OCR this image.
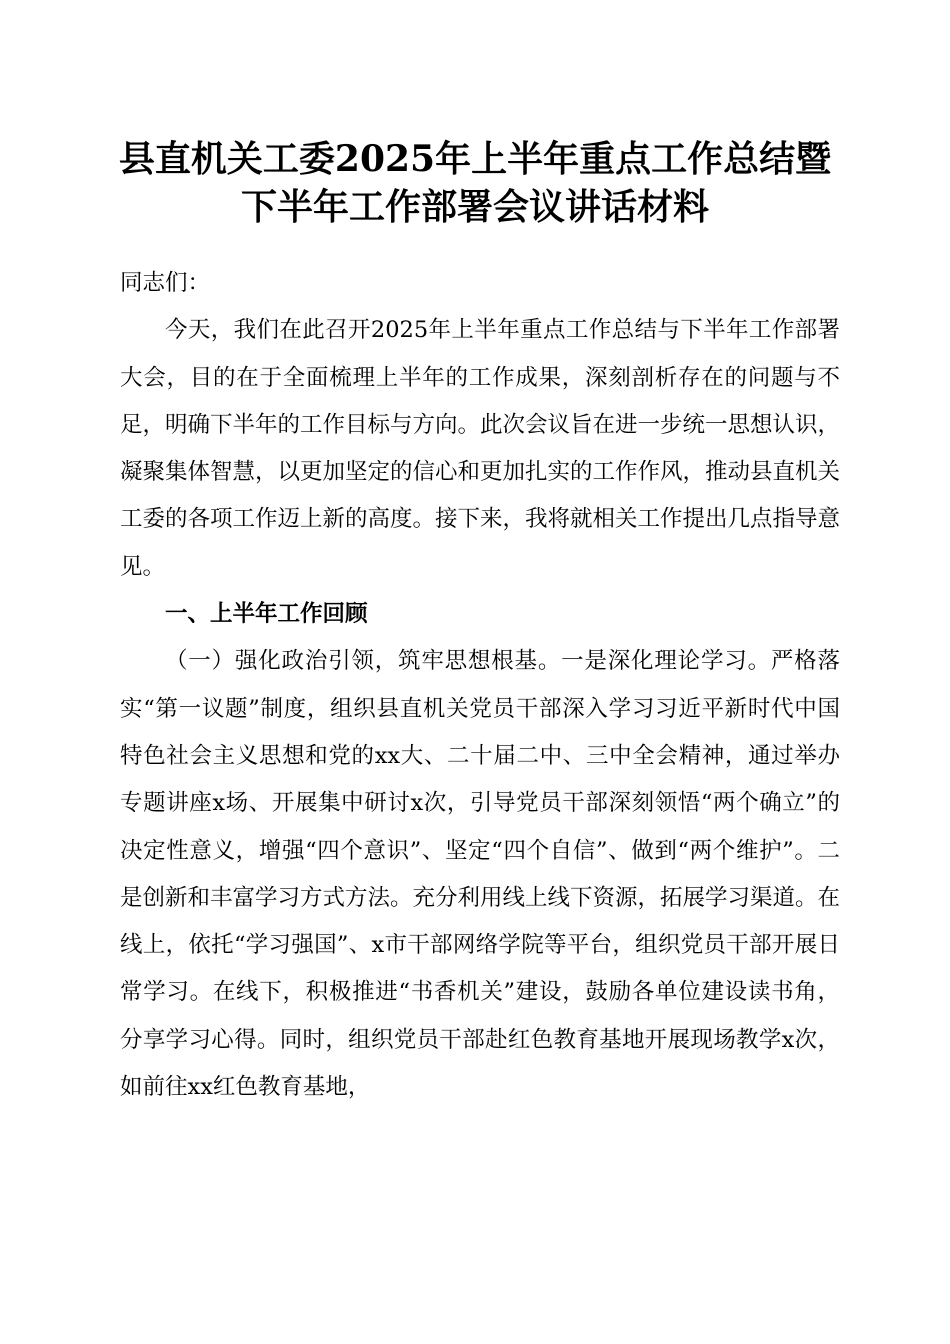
县直机关工委2025年上半年重点工作总结暨
下半年工作部署会议讲话材料

同志们：

今天，我们在此召开2025年上半年重点工作总结与下半年工作部署大会，目的在于全面梳理上半年的工作成果，深刻剖析存在的问题与不足，明确下半年的工作目标与方向。此次会议旨在进一步统一思想认识，凝聚集体智慧，以更加坚定的信心和更加扎实的工作作风，推动县直机关工委的各项工作迈上新的高度。接下来，我将就相关工作提出几点指导意见。

一、上半年工作回顾

（一）强化政治引领，筑牢思想根基。一是深化理论学习。严格落实“第一议题”制度，组织县直机关党员干部深入学习习近平新时代中国特色社会主义思想和党的xx大、二十届二中、三中全会精神，通过举办专题讲座x场、开展集中研讨x次，引导党员干部深刻领悟“两个确立”的决定性意义，增强“四个意识”、坚定“四个自信”、做到“两个维护”。二是创新和丰富学习方式方法。充分利用线上线下资源，拓展学习渠道。在线上，依托“学习强国”、x市干部网络学院等平台，组织党员干部开展日常学习。在线下，积极推进“书香机关”建设，鼓励各单位建设读书角，分享学习心得。同时，组织党员干部赴红色教育基地开展现场教学x次，如前往xx红色教育基地，
